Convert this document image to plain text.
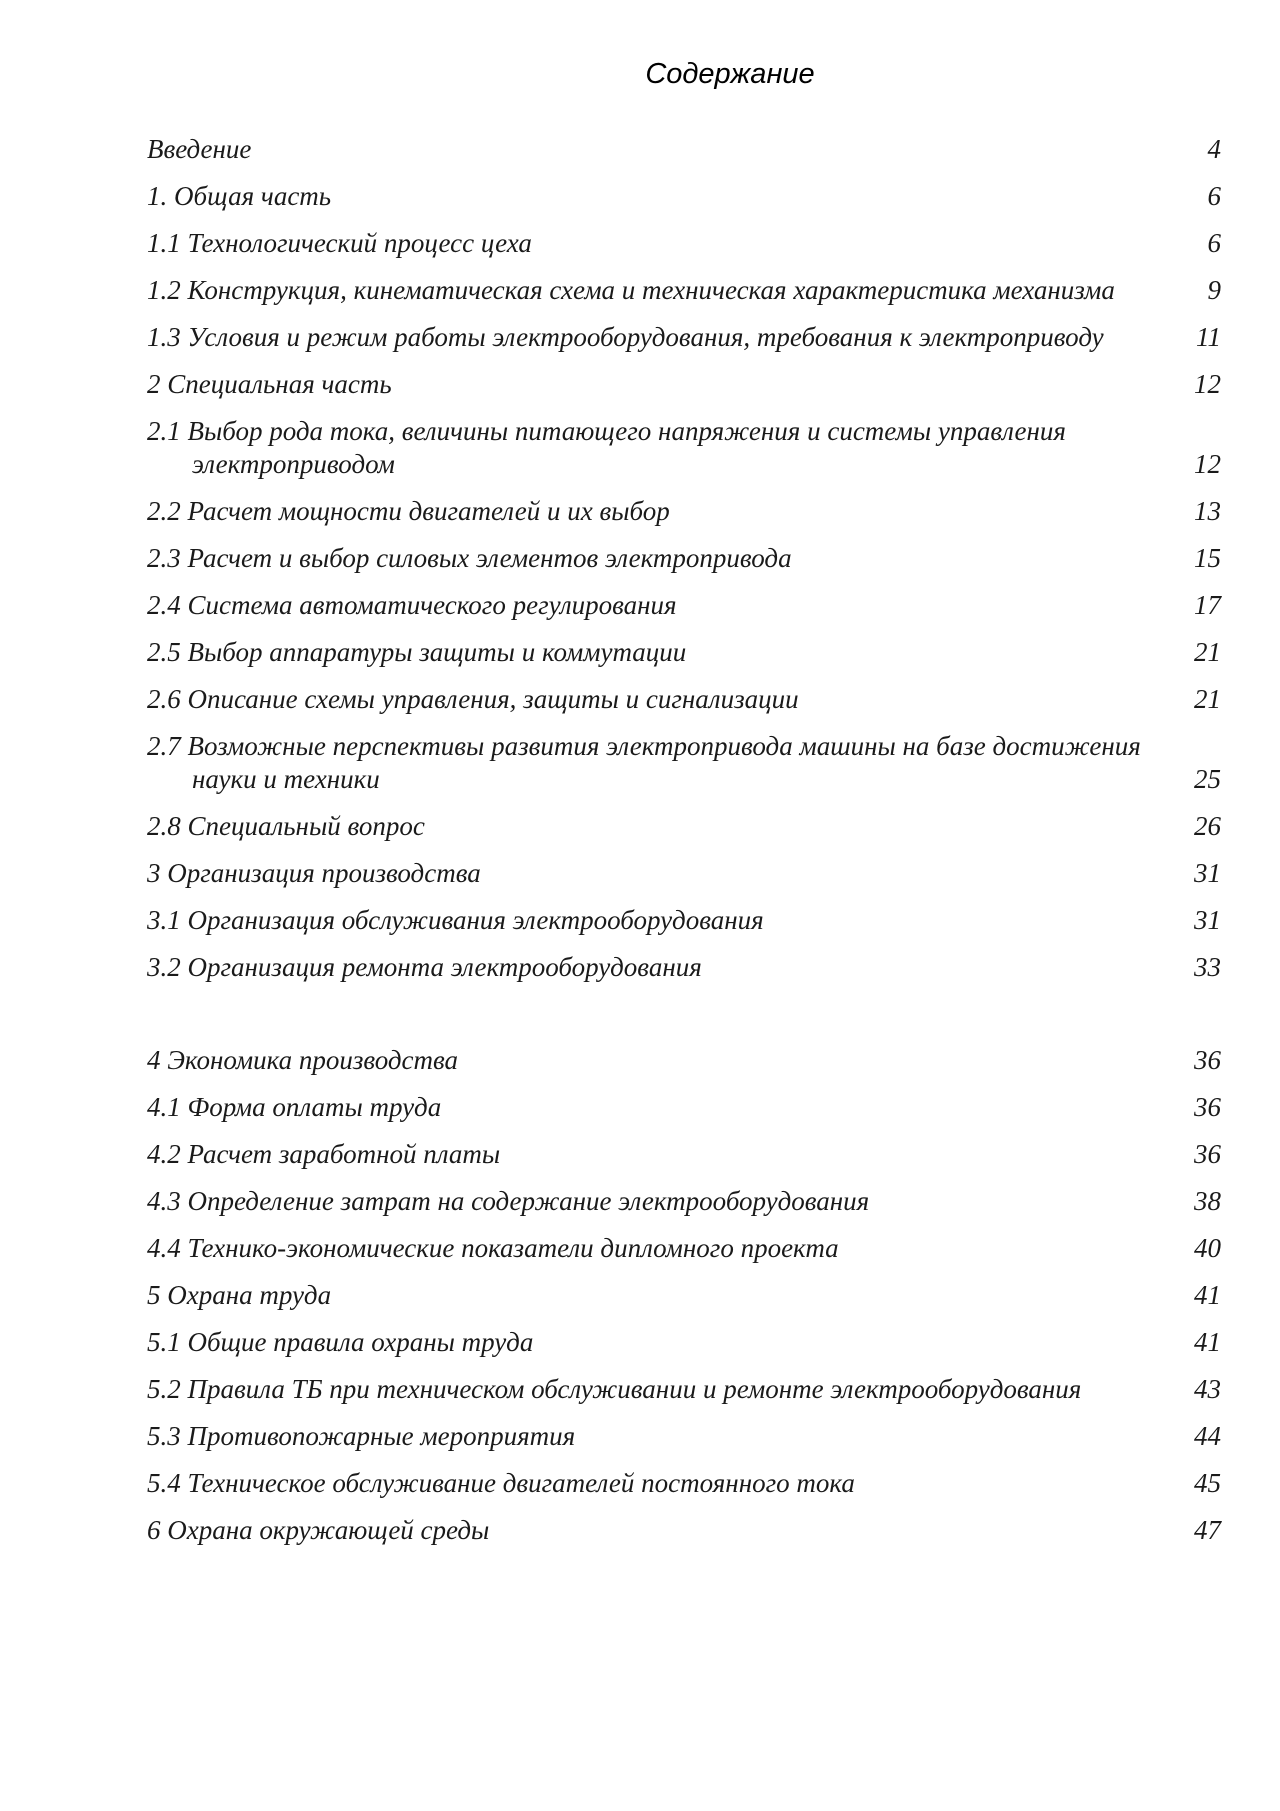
Содержание
Введение	4
1. Общая часть	6
1.1 Технологический процесс цеха	6
1.2 Конструкция, кинематическая схема и техническая характеристика механизма	9
1.3 Условия и режим работы электрооборудования, требования к электроприводу	11
2 Специальная часть	12
2.1 Выбор рода тока, величины питающего напряжения и системы управления электроприводом	12
2.2 Расчет мощности двигателей и их выбор	13
2.3 Расчет и выбор силовых элементов электропривода	15
2.4 Система автоматического регулирования	17
2.5 Выбор аппаратуры защиты и коммутации	21
2.6 Описание схемы управления, защиты и сигнализации	21
2.7 Возможные перспективы развития электропривода машины на базе достижения науки и техники	25
2.8 Специальный вопрос	26
3 Организация производства	31
3.1 Организация обслуживания электрооборудования	31
3.2 Организация ремонта электрооборудования	33
4 Экономика производства	36
4.1 Форма оплаты труда	36
4.2 Расчет заработной платы	36
4.3 Определение затрат на содержание электрооборудования	38
4.4 Технико-экономические показатели дипломного проекта	40
5 Охрана труда	41
5.1 Общие правила охраны труда	41
5.2 Правила ТБ при техническом обслуживании и ремонте электрооборудования	43
5.3 Противопожарные мероприятия	44
5.4 Техническое обслуживание двигателей постоянного тока	45
6 Охрана окружающей среды	47
